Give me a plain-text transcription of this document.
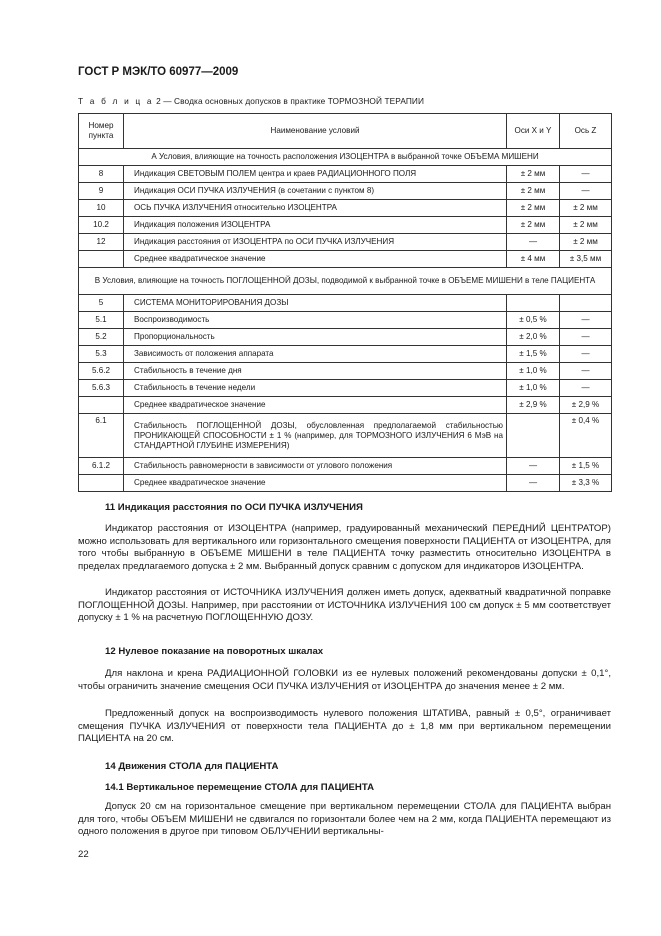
ГОСТ Р МЭК/ТО 60977—2009
Т а б л и ц а 2 — Сводка основных допусков в практике ТОРМОЗНОЙ ТЕРАПИИ
Номер пункта	Наименование условий	Оси X и Y	Ось Z
А Условия, влияющие на точность расположения ИЗОЦЕНТРА в выбранной точке ОБЪЕМА МИШЕНИ			
8	Индикация СВЕТОВЫМ ПОЛЕМ центра и краев РАДИАЦИОННОГО ПОЛЯ	± 2 мм	—
9	Индикация ОСИ ПУЧКА ИЗЛУЧЕНИЯ (в сочетании с пунктом 8)	± 2 мм	—
10	ОСЬ ПУЧКА ИЗЛУЧЕНИЯ относительно ИЗОЦЕНТРА	± 2 мм	± 2 мм
10.2	Индикация положения ИЗОЦЕНТРА	± 2 мм	± 2 мм
12	Индикация расстояния от ИЗОЦЕНТРА по ОСИ ПУЧКА ИЗЛУЧЕНИЯ	—	± 2 мм
	Среднее квадратическое значение	± 4 мм	± 3,5 мм
В Условия, влияющие на точность ПОГЛОЩЕННОЙ ДОЗЫ, подводимой к выбранной точке в ОБЪЕМЕ МИШЕНИ в теле ПАЦИЕНТА			
5	СИСТЕМА МОНИТОРИРОВАНИЯ ДОЗЫ		
5.1	Воспроизводимость	± 0,5 %	—
5.2	Пропорциональность	± 2,0 %	—
5.3	Зависимость от положения аппарата	± 1,5 %	—
5.6.2	Стабильность в течение дня	± 1,0 %	—
5.6.3	Стабильность в течение недели	± 1,0 %	—
	Среднее квадратическое значение	± 2,9 %	± 2,9 %
6.1	Стабильность ПОГЛОЩЕННОЙ ДОЗЫ, обусловленная предполагаемой стабильностью ПРОНИКАЮЩЕЙ СПОСОБНОСТИ ± 1 % (например, для ТОРМОЗНОГО ИЗЛУЧЕНИЯ 6 МэВ на СТАНДАРТНОЙ ГЛУБИНЕ ИЗМЕРЕНИЯ)		± 0,4 %
6.1.2	Стабильность равномерности в зависимости от углового положения	—	± 1,5 %
	Среднее квадратическое значение	—	± 3,3 %
11 Индикация расстояния по ОСИ ПУЧКА ИЗЛУЧЕНИЯ

Индикатор расстояния от ИЗОЦЕНТРА (например, градуированный механический ПЕРЕДНИЙ ЦЕНТРАТОР) можно использовать для вертикального или горизонтального смещения поверхности ПАЦИЕНТА от ИЗОЦЕНТРА, для того чтобы выбранную в ОБЪЕМЕ МИШЕНИ в теле ПАЦИЕНТА точку разместить относительно ИЗОЦЕНТРА в пределах предлагаемого допуска ± 2 мм. Выбранный допуск сравним с допуском для индикаторов ИЗОЦЕНТРА.

Индикатор расстояния от ИСТОЧНИКА ИЗЛУЧЕНИЯ должен иметь допуск, адекватный квадратичной поправке ПОГЛОЩЕННОЙ ДОЗЫ. Например, при расстоянии от ИСТОЧНИКА ИЗЛУЧЕНИЯ 100 см допуск ± 5 мм соответствует допуску ± 1 % на расчетную ПОГЛОЩЕННУЮ ДОЗУ.

12 Нулевое показание на поворотных шкалах

Для наклона и крена РАДИАЦИОННОЙ ГОЛОВКИ из ее нулевых положений рекомендованы допуски ± 0,1°, чтобы ограничить значение смещения ОСИ ПУЧКА ИЗЛУЧЕНИЯ от ИЗОЦЕНТРА до значения менее ± 2 мм.

Предложенный допуск на воспроизводимость нулевого положения ШТАТИВА, равный ± 0,5°, ограничивает смещения ПУЧКА ИЗЛУЧЕНИЯ от поверхности тела ПАЦИЕНТА до ± 1,8 мм при вертикальном перемещении ПАЦИЕНТА на 20 см.

14 Движения СТОЛА для ПАЦИЕНТА
14.1 Вертикальное перемещение СТОЛА для ПАЦИЕНТА

Допуск 20 см на горизонтальное смещение при вертикальном перемещении СТОЛА для ПАЦИЕНТА выбран для того, чтобы ОБЪЕМ МИШЕНИ не сдвигался по горизонтали более чем на 2 мм, когда ПАЦИЕНТА перемещают из одного положения в другое при типовом ОБЛУЧЕНИИ вертикальны-

22
